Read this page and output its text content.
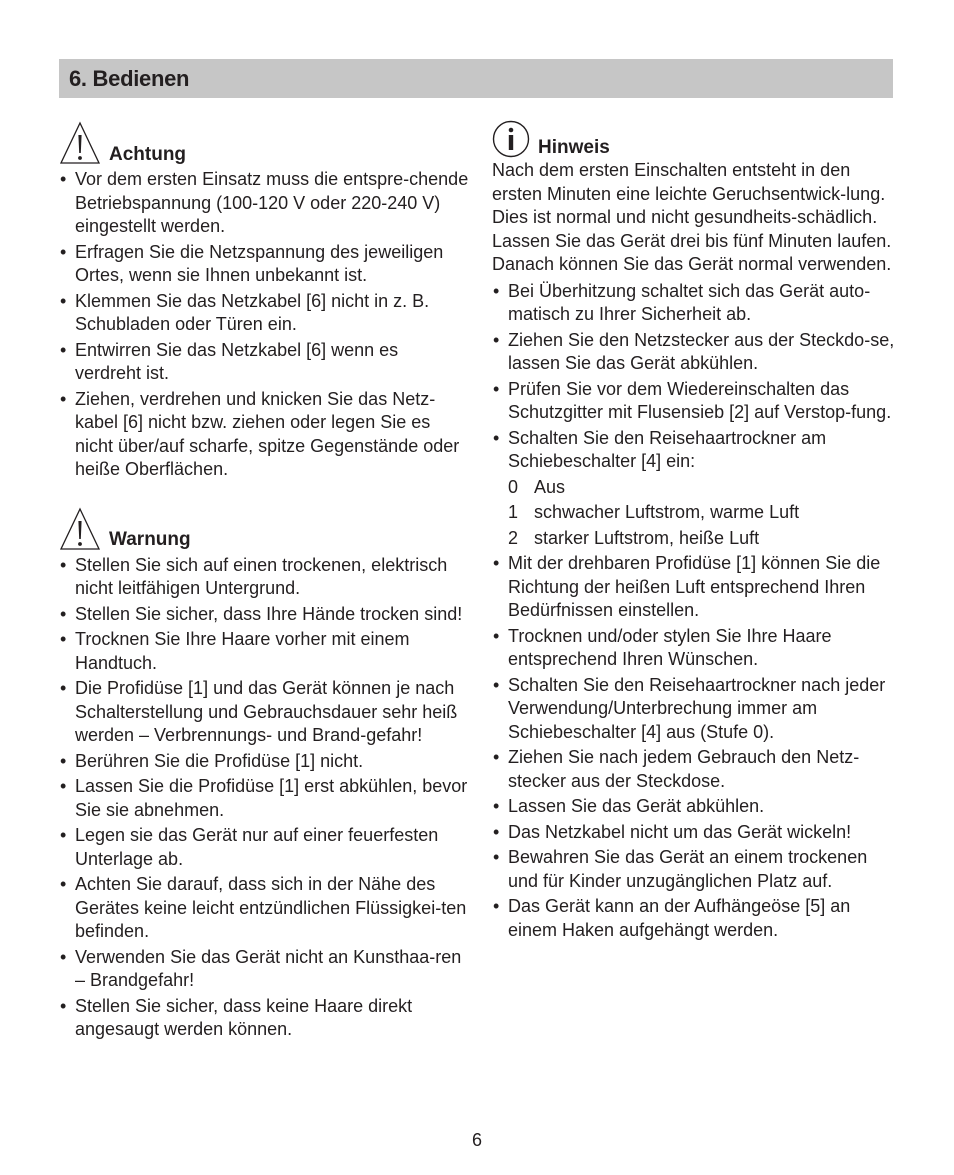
6. Bedienen
Achtung
• Vor dem ersten Einsatz muss die entspre-chende Betriebspannung (100-120 V oder 220-240 V) eingestellt werden.
• Erfragen Sie die Netzspannung des jeweiligen Ortes, wenn sie Ihnen unbekannt ist.
• Klemmen Sie das Netzkabel [6] nicht in z. B. Schubladen oder Türen ein.
• Entwirren Sie das Netzkabel [6] wenn es verdreht ist.
• Ziehen, verdrehen und knicken Sie das Netz-kabel [6] nicht bzw. ziehen oder legen Sie es nicht über/auf scharfe, spitze Gegenstände oder heiße Oberflächen.
Warnung
• Stellen Sie sich auf einen trockenen, elektrisch nicht leitfähigen Untergrund.
• Stellen Sie sicher, dass Ihre Hände trocken sind!
• Trocknen Sie Ihre Haare vorher mit einem Handtuch.
• Die Profidüse [1] und das Gerät können je nach Schalterstellung und Gebrauchsdauer sehr heiß werden – Verbrennungs- und Brand-gefahr!
• Berühren Sie die Profidüse [1] nicht.
• Lassen Sie die Profidüse [1] erst abkühlen, bevor Sie sie abnehmen.
• Legen sie das Gerät nur auf einer feuerfesten Unterlage ab.
• Achten Sie darauf, dass sich in der Nähe des Gerätes keine leicht entzündlichen Flüssigkei-ten befinden.
• Verwenden Sie das Gerät nicht an Kunsthaa-ren – Brandgefahr!
• Stellen Sie sicher, dass keine Haare direkt angesaugt werden können.
Hinweis

Nach dem ersten Einschalten entsteht in den ersten Minuten eine leichte Geruchsentwick-lung. Dies ist normal und nicht gesundheits-schädlich. Lassen Sie das Gerät drei bis fünf Minuten laufen. Danach können Sie das Gerät normal verwenden.

• Bei Überhitzung schaltet sich das Gerät auto-matisch zu Ihrer Sicherheit ab.
• Ziehen Sie den Netzstecker aus der Steckdo-se, lassen Sie das Gerät abkühlen.
• Prüfen Sie vor dem Wiedereinschalten das Schutzgitter mit Flusensieb [2] auf Verstop-fung.
• Schalten Sie den Reisehaartrockner am Schiebeschalter [4] ein:
0 Aus
1 schwacher Luftstrom, warme Luft
2 starker Luftstrom, heiße Luft
• Mit der drehbaren Profidüse [1] können Sie die Richtung der heißen Luft entsprechend Ihren Bedürfnissen einstellen.
• Trocknen und/oder stylen Sie Ihre Haare entsprechend Ihren Wünschen.
• Schalten Sie den Reisehaartrockner nach jeder Verwendung/Unterbrechung immer am Schiebeschalter [4] aus (Stufe 0).
• Ziehen Sie nach jedem Gebrauch den Netz-stecker aus der Steckdose.
• Lassen Sie das Gerät abkühlen.
• Das Netzkabel nicht um das Gerät wickeln!
• Bewahren Sie das Gerät an einem trockenen und für Kinder unzugänglichen Platz auf.
• Das Gerät kann an der Aufhängeöse [5] an einem Haken aufgehängt werden.
6
